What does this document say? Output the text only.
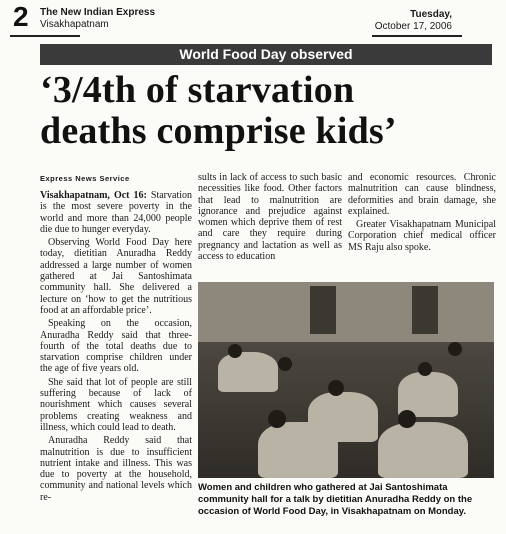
2 The New Indian Express
Visakhapatnam
Tuesday,
October 17, 2006
World Food Day observed
‘3/4th of starvation
deaths comprise kids’
Express News Service

Visakhapatnam, Oct 16: Starvation is the most severe poverty in the world and more than 24,000 people die due to hunger everyday.

Observing World Food Day here today, dietitian Anuradha Reddy addressed a large number of women gathered at Jai Santoshimata community hall. She delivered a lecture on ‘how to get the nutritious food at an affordable price’.

Speaking on the occasion, Anuradha Reddy said that three-fourth of the total deaths due to starvation comprise children under the age of five years old.

She said that lot of people are still suffering because of lack of nourishment which causes several problems creating weakness and illness, which could lead to death.

Anuradha Reddy said that malnutrition is due to insufficient nutrient intake and illness. This was due to poverty at the household, community and national levels which re-

sults in lack of access to such basic necessities like food. Other factors that lead to malnutrition are ignorance and prejudice against women which deprive them of rest and care they require during pregnancy and lactation as well as access to education

and economic resources. Chronic malnutrition can cause blindness, deformities and brain damage, she explained.

Greater Visakhapatnam Municipal Corporation chief medical officer MS Raju also spoke.

Women and children who gathered at Jai Santoshimata community hall for a talk by dietitian Anuradha Reddy on the occasion of World Food Day, in Visakhapatnam on Monday.
